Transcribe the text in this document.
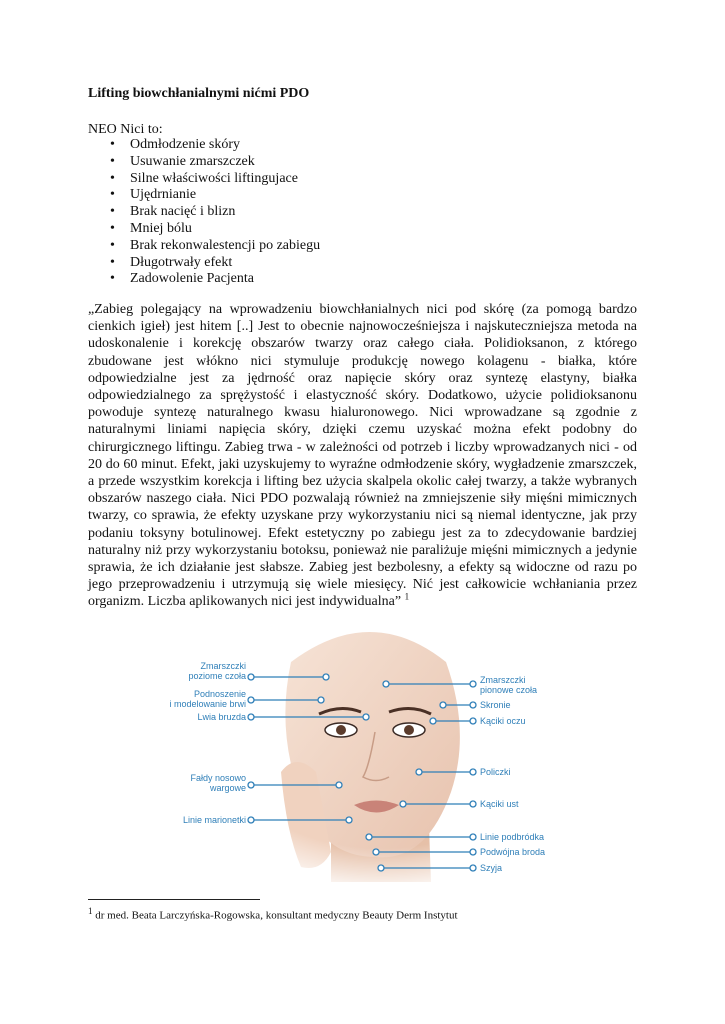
Lifting biowchłanialnymi nićmi PDO
NEO Nici to:
• Odmłodzenie skóry
• Usuwanie zmarszczek
• Silne właściwości liftingujace
• Ujędrnianie
• Brak nacięć i blizn
• Mniej bólu
• Brak rekonwalestencji po zabiegu
• Długotrwały efekt
• Zadowolenie Pacjenta

„Zabieg polegający na wprowadzeniu biowchłanialnych nici pod skórę (za pomogą bardzo cienkich igieł) jest hitem [..] Jest to obecnie najnowocześniejsza i najskuteczniejsza metoda na udoskonalenie i korekcję obszarów twarzy oraz całego ciała. Polidioksanon, z którego zbudowane jest włókno nici stymuluje produkcję nowego kolagenu - białka, które odpowiedzialne jest za jędrność oraz napięcie skóry oraz syntezę elastyny, białka odpowiedzialnego za sprężystość i elastyczność skóry. Dodatkowo, użycie polidioksanonu powoduje syntezę naturalnego kwasu hialuronowego. Nici wprowadzane są zgodnie z naturalnymi liniami napięcia skóry, dzięki czemu uzyskać można efekt podobny do chirurgicznego liftingu. Zabieg trwa - w zależności od potrzeb i liczby wprowadzanych nici - od 20 do 60 minut. Efekt, jaki uzyskujemy to wyraźne odmłodzenie skóry, wygładzenie zmarszczek, a przede wszystkim korekcja i lifting bez użycia skalpela okolic całej twarzy, a także wybranych obszarów naszego ciała. Nici PDO pozwalają również na zmniejszenie siły mięśni mimicznych twarzy, co sprawia, że efekty uzyskane przy wykorzystaniu nici są niemal identyczne, jak przy podaniu toksyny botulinowej. Efekt estetyczny po zabiegu jest za to zdecydowanie bardziej naturalny niż przy wykorzystaniu botoksu, ponieważ nie paraliżuje mięśni mimicznych a jedynie sprawia, że ich działanie jest słabsze. Zabieg jest bezbolesny, a efekty są widoczne od razu po jego przeprowadzeniu i utrzymują się wiele miesięcy. Nić jest całkowicie wchłaniania przez organizm. Liczba aplikowanych nici jest indywidualna” $^1$

Zmarszczki
poziome czoła
Podnoszenie
i modelowanie brwi
Lwia bruzda
Fałdy nosowo
wargowe
Linie marionetki
Zmarszczki
pionowe czoła
Skronie
Kąciki oczu
Policzki
Kąciki ust
Linie podbródka
Podwójna broda
Szyja
$^1$ dr med. Beata Larczyńska-Rogowska, konsultant medyczny Beauty Derm Instytut
